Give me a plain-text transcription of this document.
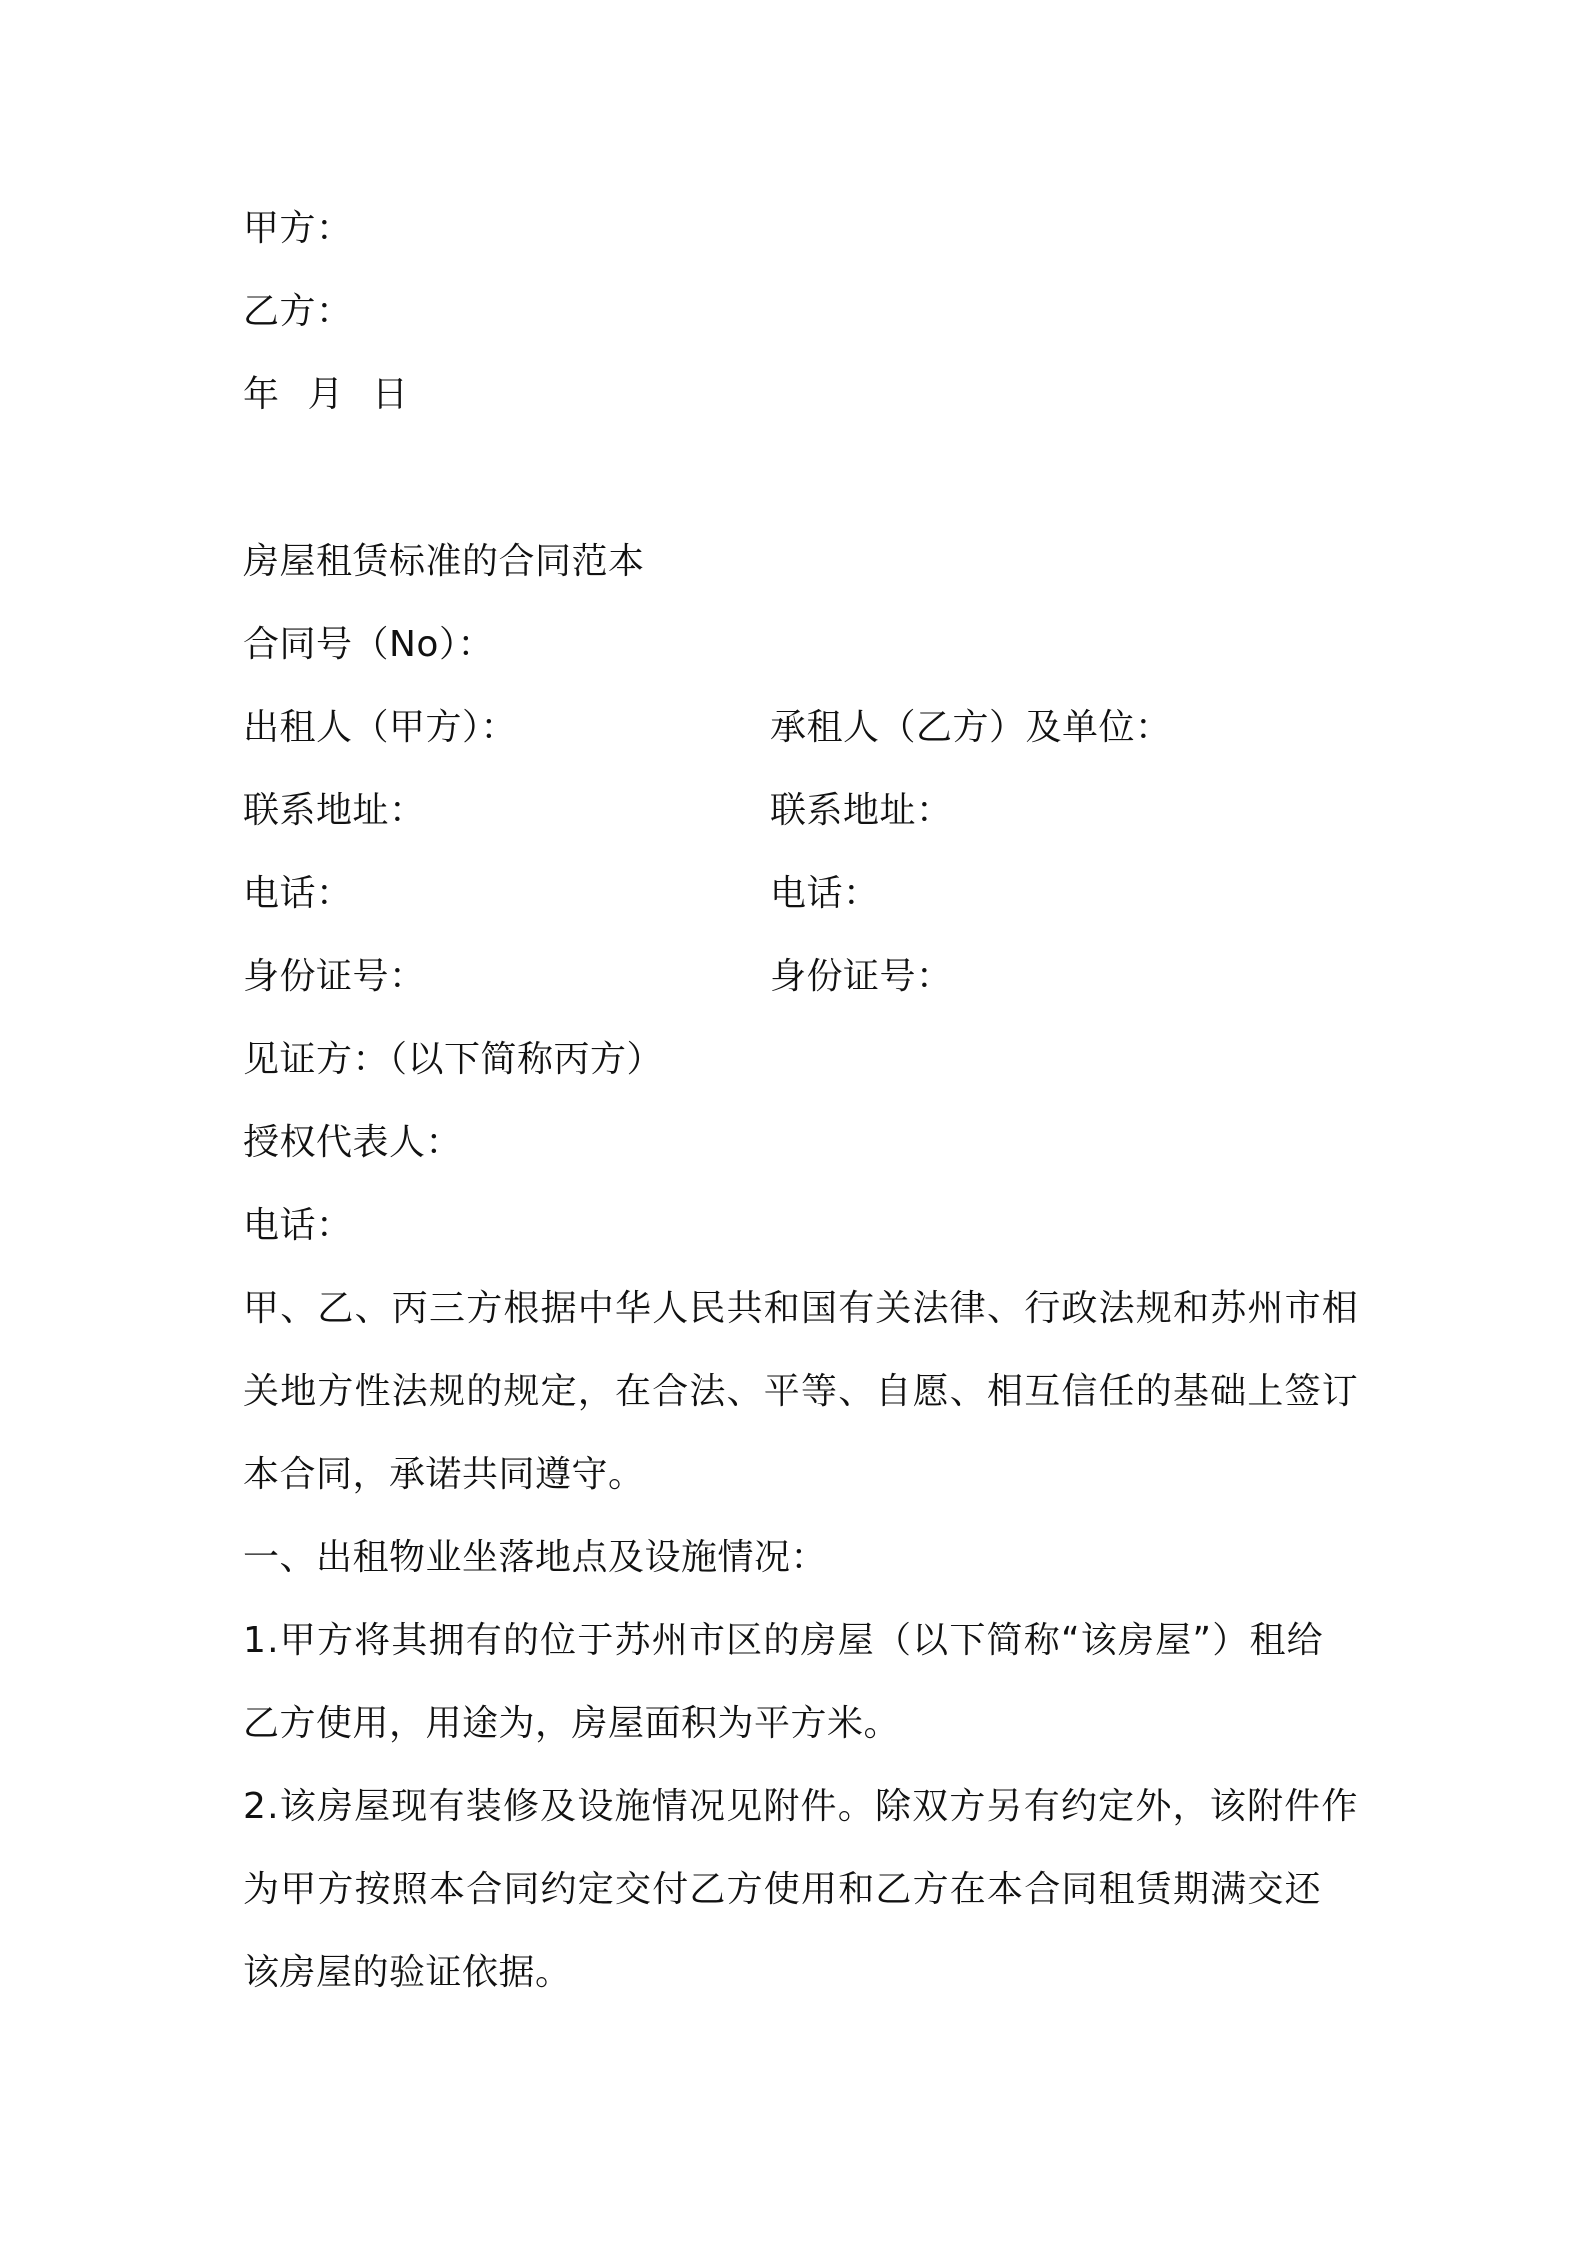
甲方：
乙方：
年 月 日
房屋租赁标准的合同范本
合同号（No）：
出租人（甲方）：	承租人（乙方）及单位：
联系地址：	联系地址：
电话：	电话：
身份证号：	身份证号：
见证方：（以下简称丙方）
授权代表人：
电话：
甲、乙、丙三方根据中华人民共和国有关法律、行政法规和苏州市相
关地方性法规的规定，在合法、平等、自愿、相互信任的基础上签订
本合同，承诺共同遵守。
一、出租物业坐落地点及设施情况：
1.甲方将其拥有的位于苏州市区的房屋（以下简称“该房屋”）租给
乙方使用，用途为，房屋面积为平方米。
2.该房屋现有装修及设施情况见附件。除双方另有约定外，该附件作
为甲方按照本合同约定交付乙方使用和乙方在本合同租赁期满交还
该房屋的验证依据。
